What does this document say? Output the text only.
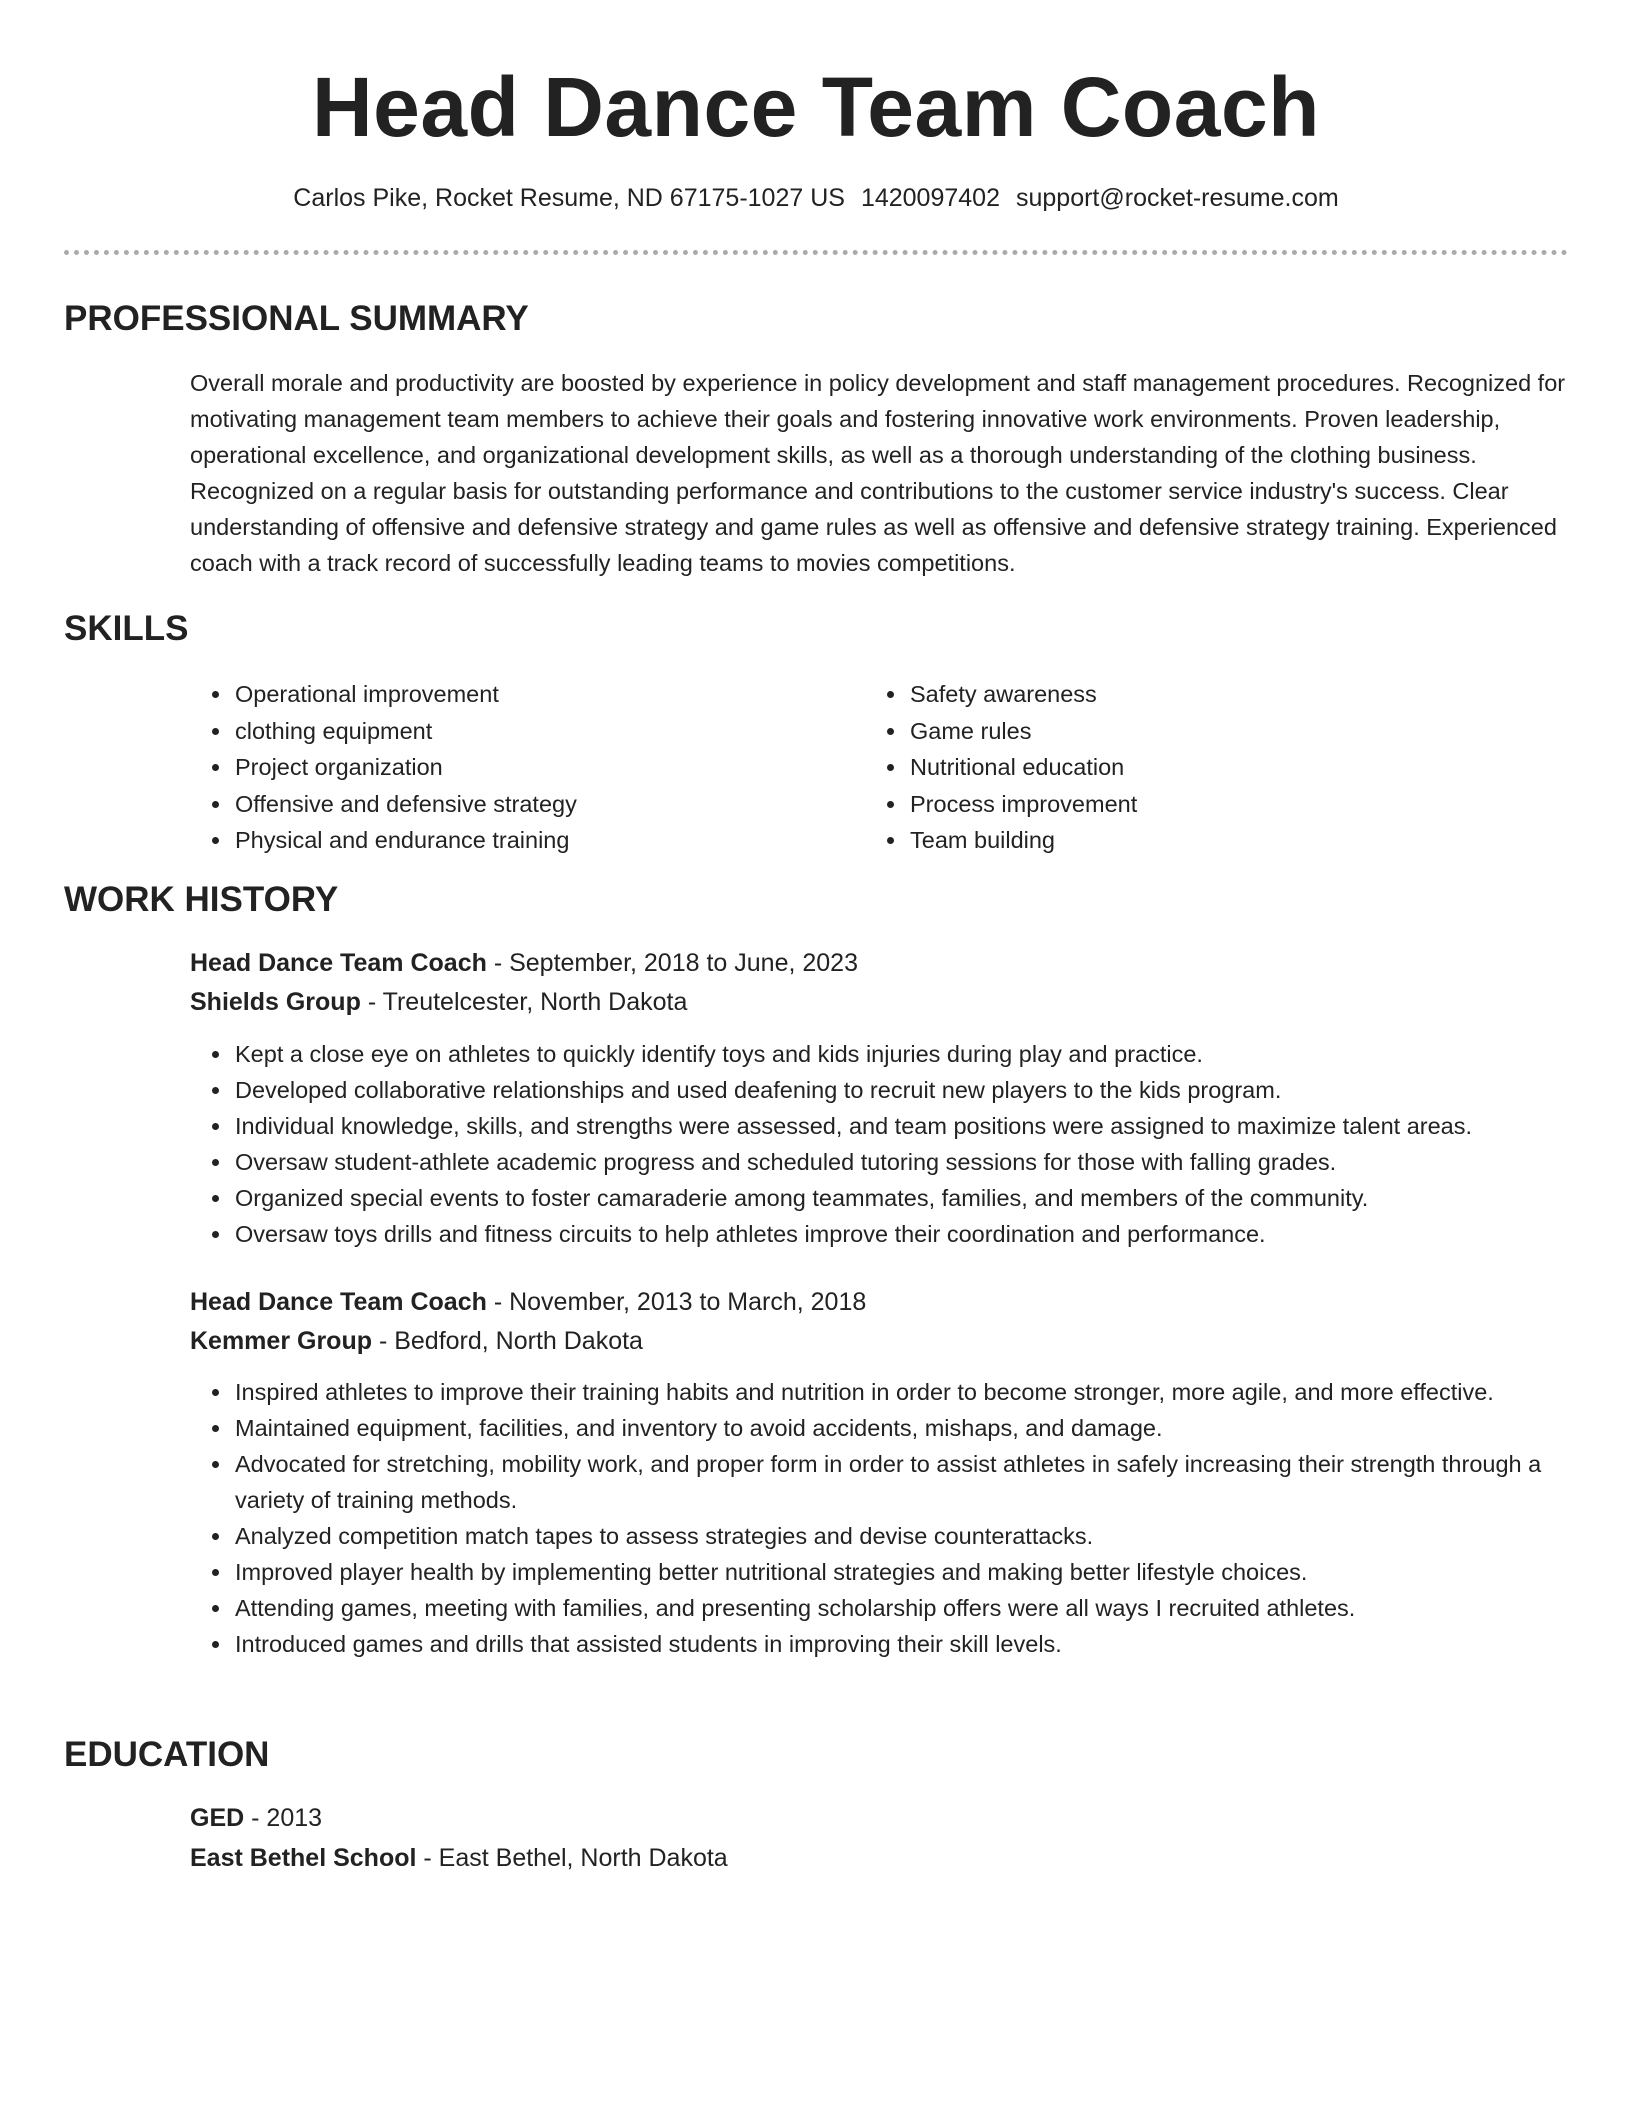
Head Dance Team Coach
Carlos Pike, Rocket Resume, ND 67175-1027 US 1420097402 support@rocket-resume.com
PROFESSIONAL SUMMARY
Overall morale and productivity are boosted by experience in policy development and staff management procedures. Recognized for motivating management team members to achieve their goals and fostering innovative work environments. Proven leadership, operational excellence, and organizational development skills, as well as a thorough understanding of the clothing business. Recognized on a regular basis for outstanding performance and contributions to the customer service industry's success. Clear understanding of offensive and defensive strategy and game rules as well as offensive and defensive strategy training. Experienced coach with a track record of successfully leading teams to movies competitions.
SKILLS
• Operational improvement
• clothing equipment
• Project organization
• Offensive and defensive strategy
• Physical and endurance training
• Safety awareness
• Game rules
• Nutritional education
• Process improvement
• Team building
WORK HISTORY
Head Dance Team Coach - September, 2018 to June, 2023
Shields Group - Treutelcester, North Dakota
• Kept a close eye on athletes to quickly identify toys and kids injuries during play and practice.
• Developed collaborative relationships and used deafening to recruit new players to the kids program.
• Individual knowledge, skills, and strengths were assessed, and team positions were assigned to maximize talent areas.
• Oversaw student-athlete academic progress and scheduled tutoring sessions for those with falling grades.
• Organized special events to foster camaraderie among teammates, families, and members of the community.
• Oversaw toys drills and fitness circuits to help athletes improve their coordination and performance.
Head Dance Team Coach - November, 2013 to March, 2018
Kemmer Group - Bedford, North Dakota
• Inspired athletes to improve their training habits and nutrition in order to become stronger, more agile, and more effective.
• Maintained equipment, facilities, and inventory to avoid accidents, mishaps, and damage.
• Advocated for stretching, mobility work, and proper form in order to assist athletes in safely increasing their strength through a variety of training methods.
• Analyzed competition match tapes to assess strategies and devise counterattacks.
• Improved player health by implementing better nutritional strategies and making better lifestyle choices.
• Attending games, meeting with families, and presenting scholarship offers were all ways I recruited athletes.
• Introduced games and drills that assisted students in improving their skill levels.
EDUCATION
GED - 2013
East Bethel School - East Bethel, North Dakota
